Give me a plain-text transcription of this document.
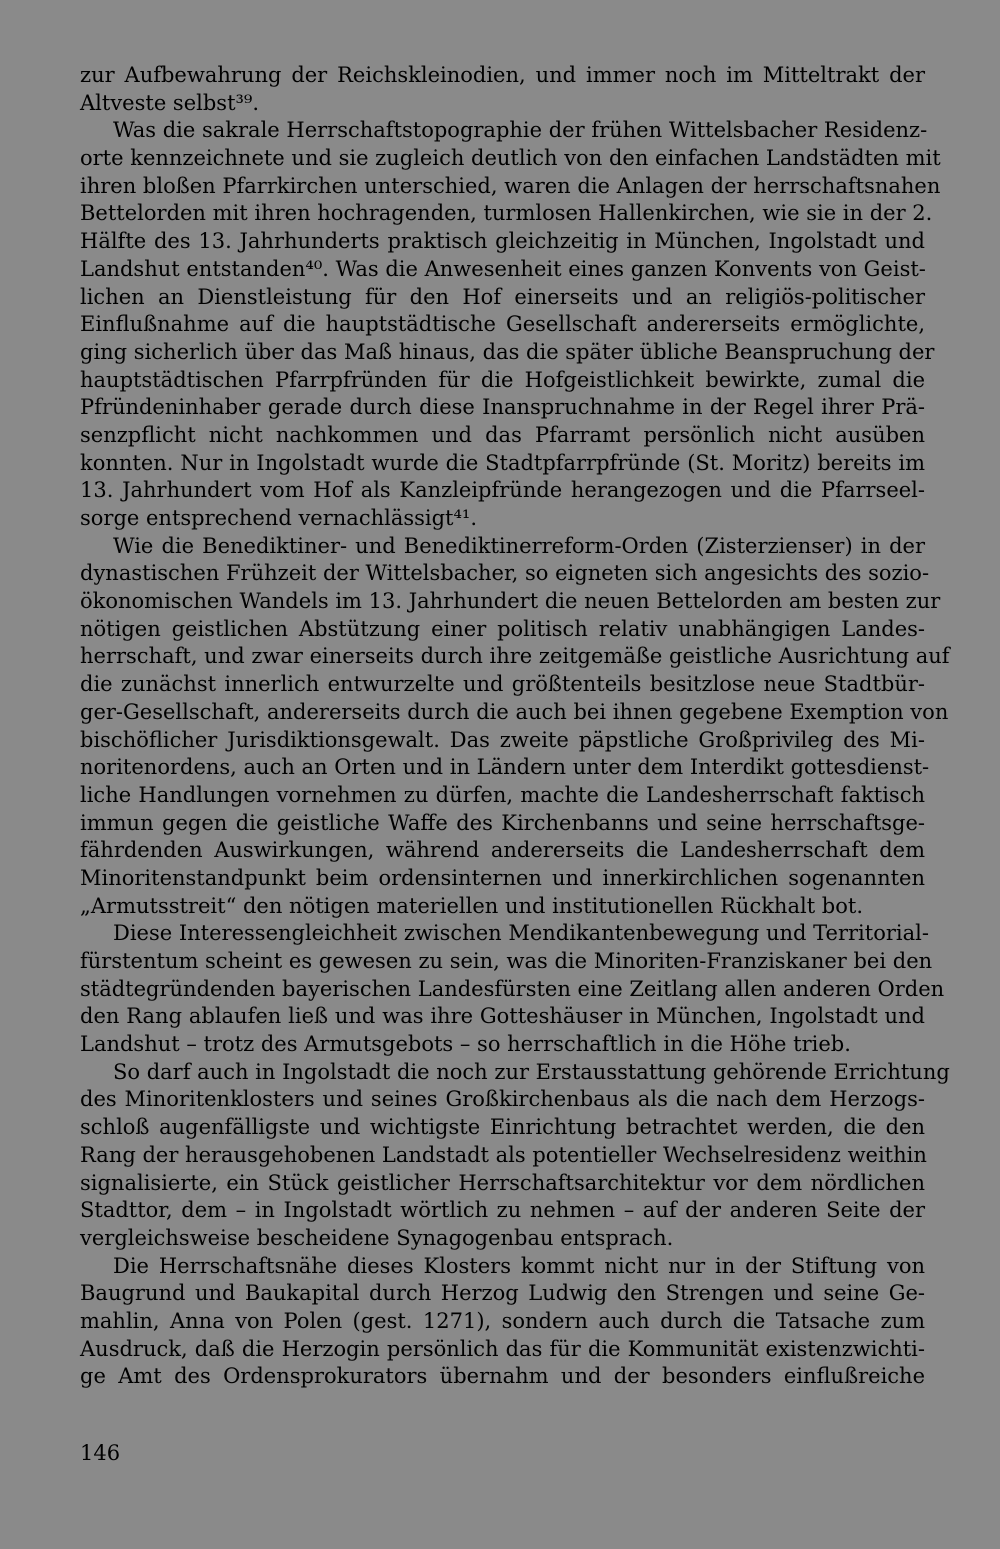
zur Aufbewahrung der Reichskleinodien, und immer noch im Mitteltrakt der
Altveste selbst³⁹.
Was die sakrale Herrschaftstopographie der frühen Wittelsbacher Residenz-
orte kennzeichnete und sie zugleich deutlich von den einfachen Landstädten mit
ihren bloßen Pfarrkirchen unterschied, waren die Anlagen der herrschaftsnahen
Bettelorden mit ihren hochragenden, turmlosen Hallenkirchen, wie sie in der 2.
Hälfte des 13. Jahrhunderts praktisch gleichzeitig in München, Ingolstadt und
Landshut entstanden⁴⁰. Was die Anwesenheit eines ganzen Konvents von Geist-
lichen an Dienstleistung für den Hof einerseits und an religiös-politischer
Einflußnahme auf die hauptstädtische Gesellschaft andererseits ermöglichte,
ging sicherlich über das Maß hinaus, das die später übliche Beanspruchung der
hauptstädtischen Pfarrpfründen für die Hofgeistlichkeit bewirkte, zumal die
Pfründeninhaber gerade durch diese Inanspruchnahme in der Regel ihrer Prä-
senzpflicht nicht nachkommen und das Pfarramt persönlich nicht ausüben
konnten. Nur in Ingolstadt wurde die Stadtpfarrpfründe (St. Moritz) bereits im
13. Jahrhundert vom Hof als Kanzleipfründe herangezogen und die Pfarrseel-
sorge entsprechend vernachlässigt⁴¹.
Wie die Benediktiner- und Benediktinerreform-Orden (Zisterzienser) in der
dynastischen Frühzeit der Wittelsbacher, so eigneten sich angesichts des sozio-
ökonomischen Wandels im 13. Jahrhundert die neuen Bettelorden am besten zur
nötigen geistlichen Abstützung einer politisch relativ unabhängigen Landes-
herrschaft, und zwar einerseits durch ihre zeitgemäße geistliche Ausrichtung auf
die zunächst innerlich entwurzelte und größtenteils besitzlose neue Stadtbür-
ger-Gesellschaft, andererseits durch die auch bei ihnen gegebene Exemption von
bischöflicher Jurisdiktionsgewalt. Das zweite päpstliche Großprivileg des Mi-
noritenordens, auch an Orten und in Ländern unter dem Interdikt gottesdienst-
liche Handlungen vornehmen zu dürfen, machte die Landesherrschaft faktisch
immun gegen die geistliche Waffe des Kirchenbanns und seine herrschaftsge-
fährdenden Auswirkungen, während andererseits die Landesherrschaft dem
Minoritenstandpunkt beim ordensinternen und innerkirchlichen sogenannten
„Armutsstreit“ den nötigen materiellen und institutionellen Rückhalt bot.
Diese Interessengleichheit zwischen Mendikantenbewegung und Territorial-
fürstentum scheint es gewesen zu sein, was die Minoriten-Franziskaner bei den
städtegründenden bayerischen Landesfürsten eine Zeitlang allen anderen Orden
den Rang ablaufen ließ und was ihre Gotteshäuser in München, Ingolstadt und
Landshut – trotz des Armutsgebots – so herrschaftlich in die Höhe trieb.
So darf auch in Ingolstadt die noch zur Erstausstattung gehörende Errichtung
des Minoritenklosters und seines Großkirchenbaus als die nach dem Herzogs-
schloß augenfälligste und wichtigste Einrichtung betrachtet werden, die den
Rang der herausgehobenen Landstadt als potentieller Wechselresidenz weithin
signalisierte, ein Stück geistlicher Herrschaftsarchitektur vor dem nördlichen
Stadttor, dem – in Ingolstadt wörtlich zu nehmen – auf der anderen Seite der
vergleichsweise bescheidene Synagogenbau entsprach.
Die Herrschaftsnähe dieses Klosters kommt nicht nur in der Stiftung von
Baugrund und Baukapital durch Herzog Ludwig den Strengen und seine Ge-
mahlin, Anna von Polen (gest. 1271), sondern auch durch die Tatsache zum
Ausdruck, daß die Herzogin persönlich das für die Kommunität existenzwichti-
ge Amt des Ordensprokurators übernahm und der besonders einflußreiche
146
